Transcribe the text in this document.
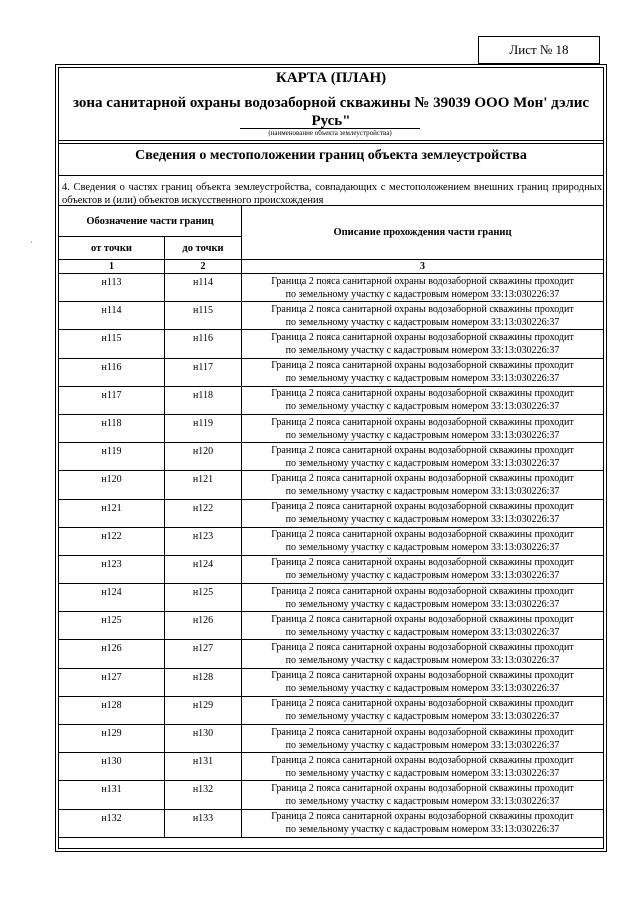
Лист № 18
КАРТА (ПЛАН)
зона санитарной охраны водозаборной скважины № 39039 ООО Мон' дэлис Русь"
(наименование объекта землеустройства)
Сведения о местоположении границ объекта землеустройства
4. Сведения о частях границ объекта землеустройства, совпадающих с местоположением внешних границ природных объектов и (или) объектов искусственного происхождения
Обозначение части границ		Описание прохождения части границ
от точки	до точки	
1	2	3
н113	н114	Граница 2 пояса санитарной охраны водозаборной скважины проходит
по земельному участку с кадастровым номером 33:13:030226:37

н114	н115	Граница 2 пояса санитарной охраны водозаборной скважины проходит
по земельному участку с кадастровым номером 33:13:030226:37

н115	н116	Граница 2 пояса санитарной охраны водозаборной скважины проходит
по земельному участку с кадастровым номером 33:13:030226:37

н116	н117	Граница 2 пояса санитарной охраны водозаборной скважины проходит
по земельному участку с кадастровым номером 33:13:030226:37

н117	н118	Граница 2 пояса санитарной охраны водозаборной скважины проходит
по земельному участку с кадастровым номером 33:13:030226:37

н118	н119	Граница 2 пояса санитарной охраны водозаборной скважины проходит
по земельному участку с кадастровым номером 33:13:030226:37

н119	н120	Граница 2 пояса санитарной охраны водозаборной скважины проходит
по земельному участку с кадастровым номером 33:13:030226:37

н120	н121	Граница 2 пояса санитарной охраны водозаборной скважины проходит
по земельному участку с кадастровым номером 33:13:030226:37

н121	н122	Граница 2 пояса санитарной охраны водозаборной скважины проходит
по земельному участку с кадастровым номером 33:13:030226:37

н122	н123	Граница 2 пояса санитарной охраны водозаборной скважины проходит
по земельному участку с кадастровым номером 33:13:030226:37

н123	н124	Граница 2 пояса санитарной охраны водозаборной скважины проходит
по земельному участку с кадастровым номером 33:13:030226:37

н124	н125	Граница 2 пояса санитарной охраны водозаборной скважины проходит
по земельному участку с кадастровым номером 33:13:030226:37

н125	н126	Граница 2 пояса санитарной охраны водозаборной скважины проходит
по земельному участку с кадастровым номером 33:13:030226:37

н126	н127	Граница 2 пояса санитарной охраны водозаборной скважины проходит
по земельному участку с кадастровым номером 33:13:030226:37

н127	н128	Граница 2 пояса санитарной охраны водозаборной скважины проходит
по земельному участку с кадастровым номером 33:13:030226:37

н128	н129	Граница 2 пояса санитарной охраны водозаборной скважины проходит
по земельному участку с кадастровым номером 33:13:030226:37

н129	н130	Граница 2 пояса санитарной охраны водозаборной скважины проходит
по земельному участку с кадастровым номером 33:13:030226:37

н130	н131	Граница 2 пояса санитарной охраны водозаборной скважины проходит
по земельному участку с кадастровым номером 33:13:030226:37

н131	н132	Граница 2 пояса санитарной охраны водозаборной скважины проходит
по земельному участку с кадастровым номером 33:13:030226:37

н132	н133	Граница 2 пояса санитарной охраны водозаборной скважины проходит
по земельному участку с кадастровым номером 33:13:030226:37
˙
